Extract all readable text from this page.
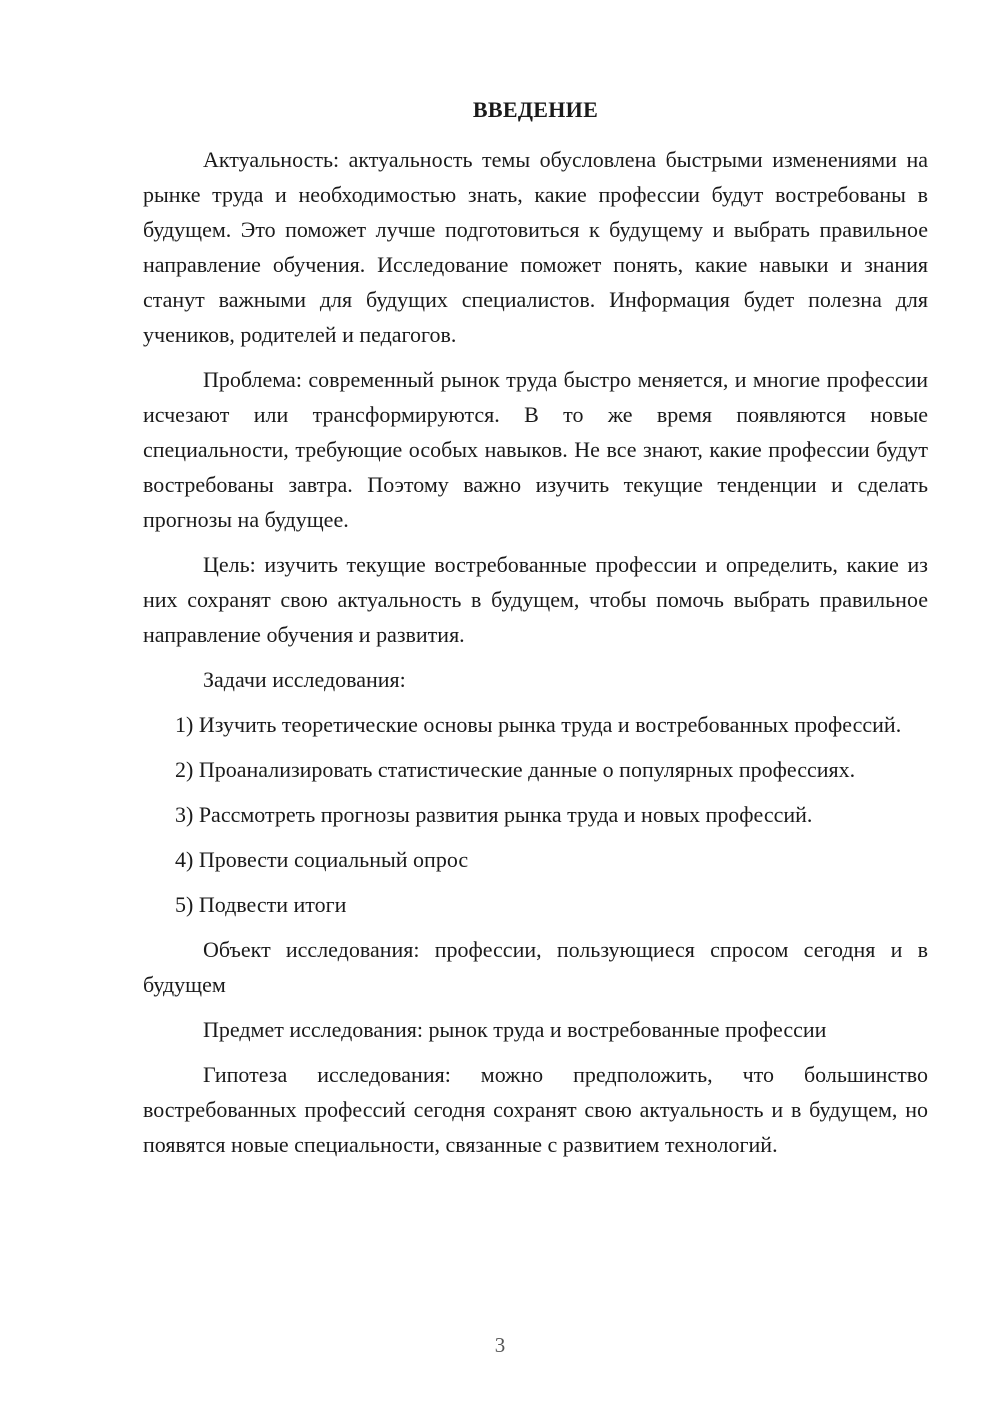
ВВЕДЕНИЕ

Актуальность: актуальность темы обусловлена быстрыми изменениями на рынке труда и необходимостью знать, какие профессии будут востребованы в будущем. Это поможет лучше подготовиться к будущему и выбрать правильное направление обучения. Исследование поможет понять, какие навыки и знания станут важными для будущих специалистов. Информация будет полезна для учеников, родителей и педагогов.

Проблема: современный рынок труда быстро меняется, и многие профессии исчезают или трансформируются. В то же время появляются новые специальности, требующие особых навыков. Не все знают, какие профессии будут востребованы завтра. Поэтому важно изучить текущие тенденции и сделать прогнозы на будущее.

Цель: изучить текущие востребованные профессии и определить, какие из них сохранят свою актуальность в будущем, чтобы помочь выбрать правильное направление обучения и развития.

Задачи исследования:

1) Изучить теоретические основы рынка труда и востребованных профессий.

2) Проанализировать статистические данные о популярных профессиях.

3) Рассмотреть прогнозы развития рынка труда и новых профессий.

4) Провести социальный опрос

5) Подвести итоги

Объект исследования: профессии, пользующиеся спросом сегодня и в будущем

Предмет исследования: рынок труда и востребованные профессии

Гипотеза исследования: можно предположить, что большинство востребованных профессий сегодня сохранят свою актуальность и в будущем, но появятся новые специальности, связанные с развитием технологий.

3
